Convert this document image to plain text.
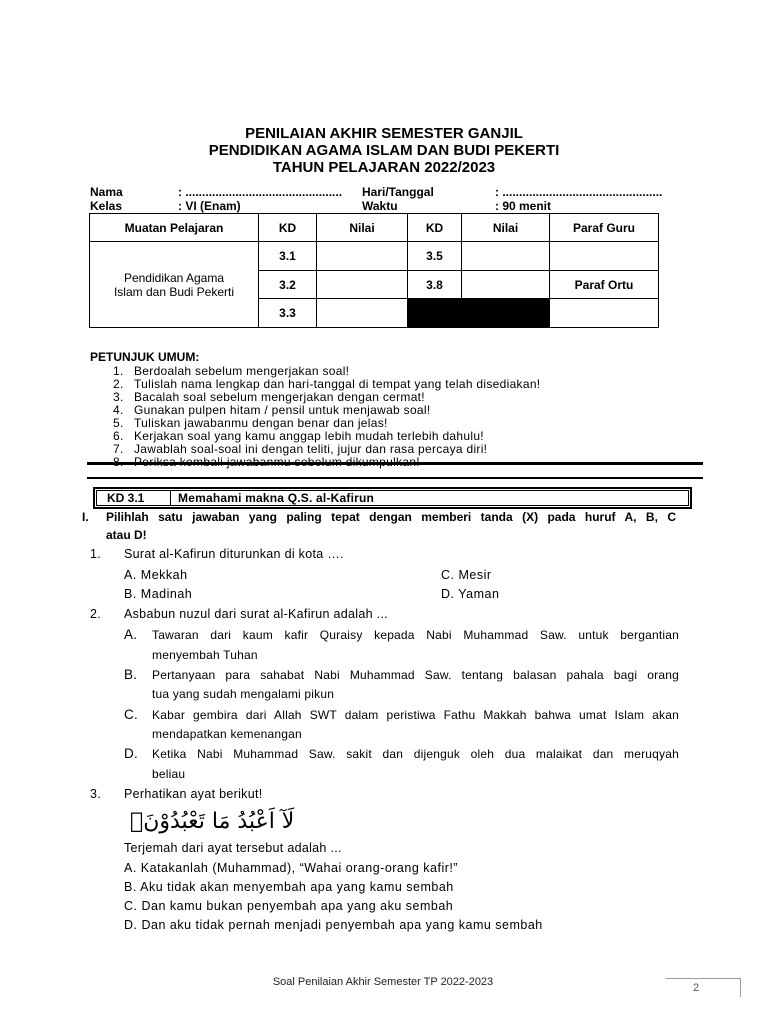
PENILAIAN AKHIR SEMESTER GANJIL
PENDIDIKAN AGAMA ISLAM DAN BUDI PEKERTI
TAHUN PELAJARAN 2022/2023
Nama	: ............................................... Hari/Tanggal	: ................................................
Kelas	: VI (Enam)	Waktu	: 90 menit
Muatan Pelajaran	KD	Nilai	KD	Nilai	Paraf Guru

Pendidikan Agama
Islam dan Budi Pekerti	3.1		3.5		
	3.2		3.8		Paraf Ortu
	3.3				
PETUNJUK UMUM:
1. Berdoalah sebelum mengerjakan soal!
2. Tulislah nama lengkap dan hari-tanggal di tempat yang telah disediakan!
3. Bacalah soal sebelum mengerjakan dengan cermat!
4. Gunakan pulpen hitam / pensil untuk menjawab soal!
5. Tuliskan jawabanmu dengan benar dan jelas!
6. Kerjakan soal yang kamu anggap lebih mudah terlebih dahulu!
7. Jawablah soal-soal ini dengan teliti, jujur dan rasa percaya diri!
KD 3.1	Memahami makna Q.S. al-Kafirun
I. Pilihlah satu jawaban yang paling tepat dengan memberi tanda (X) pada huruf A, B, C
atau D!
1. Surat al-Kafirun diturunkan di kota ….
A. Mekkah
B. Madinah
C. Mesir
D. Yaman
2. Asbabun nuzul dari surat al-Kafirun adalah ...
A. Tawaran dari kaum kafir Quraisy kepada Nabi Muhammad Saw. untuk bergantian
menyembah Tuhan
B. Pertanyaan para sahabat Nabi Muhammad Saw. tentang balasan pahala bagi orang
tua yang sudah mengalami pikun
C. Kabar gembira dari Allah SWT dalam peristiwa Fathu Makkah bahwa umat Islam akan
mendapatkan kemenangan
D. Ketika Nabi Muhammad Saw. sakit dan dijenguk oleh dua malaikat dan meruqyah
beliau
3. Perhatikan ayat berikut!
لَآ اَعْبُدُ مَا تَعْبُدُوْنَۙ
Terjemah dari ayat tersebut adalah ...
A. Katakanlah (Muhammad), “Wahai orang-orang kafir!”
B. Aku tidak akan menyembah apa yang kamu sembah
C. Dan kamu bukan penyembah apa yang aku sembah
D. Dan aku tidak pernah menjadi penyembah apa yang kamu sembah
Soal Penilaian Akhir Semester TP 2022-2023	2
